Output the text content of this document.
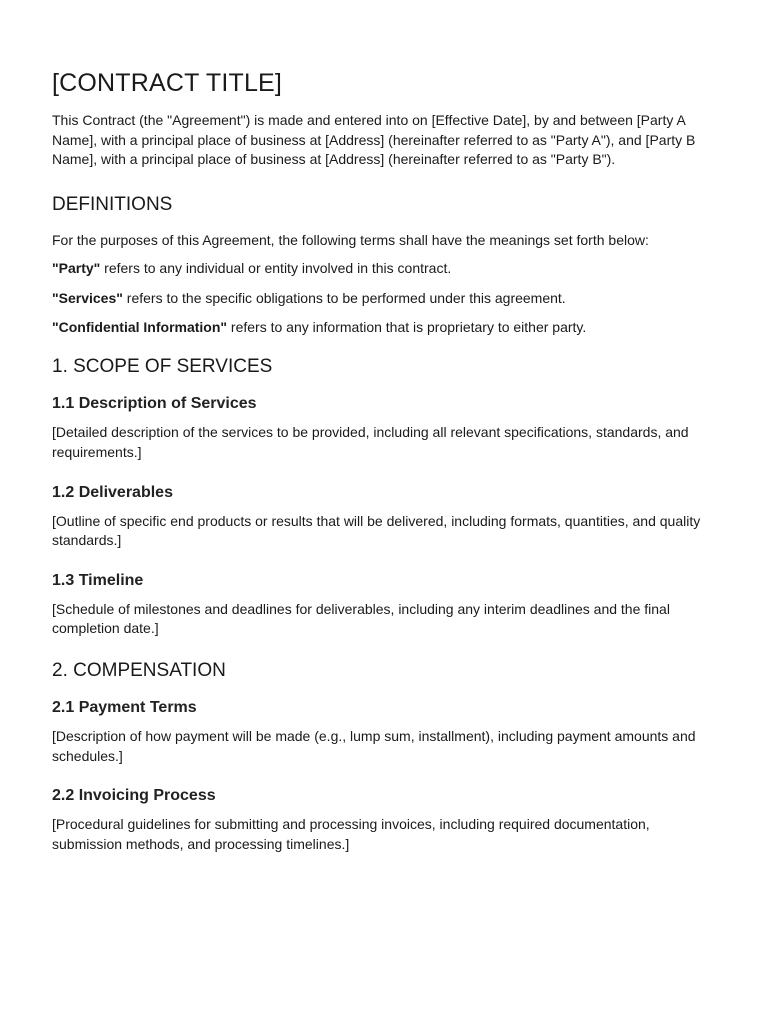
[CONTRACT TITLE]

This Contract (the "Agreement") is made and entered into on [Effective Date], by and between [Party A Name], with a principal place of business at [Address] (hereinafter referred to as "Party A"), and [Party B Name], with a principal place of business at [Address] (hereinafter referred to as "Party B").

DEFINITIONS

For the purposes of this Agreement, the following terms shall have the meanings set forth below:

"Party" refers to any individual or entity involved in this contract.

"Services" refers to the specific obligations to be performed under this agreement.

"Confidential Information" refers to any information that is proprietary to either party.

1. SCOPE OF SERVICES
1.1 Description of Services

[Detailed description of the services to be provided, including all relevant specifications, standards, and requirements.]

1.2 Deliverables

[Outline of specific end products or results that will be delivered, including formats, quantities, and quality standards.]

1.3 Timeline

[Schedule of milestones and deadlines for deliverables, including any interim deadlines and the final completion date.]

2. COMPENSATION
2.1 Payment Terms

[Description of how payment will be made (e.g., lump sum, installment), including payment amounts and schedules.]

2.2 Invoicing Process

[Procedural guidelines for submitting and processing invoices, including required documentation, submission methods, and processing timelines.]
